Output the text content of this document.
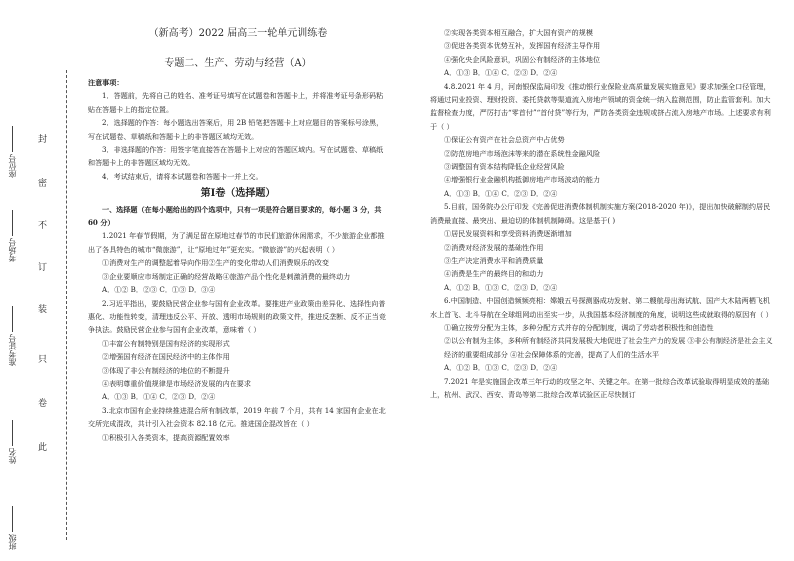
座位号
考场号
准考证号
姓名
班级
封
密
不
订
装
只
卷
此
（新高考）2022 届高三一轮单元训练卷
专题二、生产、劳动与经营（A）

注意事项：

1．答题前，先将自己的姓名、准考证号填写在试题卷和答题卡上，并将准考证号条形码粘贴在答题卡上的指定位置。

2．选择题的作答：每小题选出答案后，用 2B 铅笔把答题卡上对应题目的答案标号涂黑，写在试题卷、草稿纸和答题卡上的非答题区域均无效。

3．非选择题的作答：用签字笔直接答在答题卡上对应的答题区域内。写在试题卷、草稿纸和答题卡上的非答题区域均无效。

4．考试结束后，请将本试题卷和答题卡一并上交。

第Ⅰ卷（选择题）

一、选择题（在每小题给出的四个选项中，只有一项是符合题目要求的，每小题 3 分，共 60 分）

1.2021 年春节假期，为了满足留在原地过春节的市民们旅游休闲需求，不少旅游企业都推出了各具特色的城市“微旅游”，让“原地过年”更充实。“微旅游”的兴起表明（ ）

①消费对生产的调整起着导向作用②生产的变化带动人们消费娱乐的改变

③企业要顺应市场制定正确的经营战略④旅游产品个性化是刺激消费的最终动力

A．①② B．②③ C．①③ D．③④

2.习近平指出，要鼓励民营企业参与国有企业改革。要推进产业政策由差异化、选择性向普惠化、功能性转变，清理违反公平、开放、透明市场规则的政策文件，推进反垄断、反不正当竞争执法。鼓励民营企业参与国有企业改革，意味着（ ）

①丰富公有制特别是国有经济的实现形式

②增强国有经济在国民经济中的主体作用

③体现了非公有制经济的地位的不断提升

④表明尊重价值规律是市场经济发展的内在要求

A．①③ B．①④ C．②③ D．②④

3.北京市国有企业持续推进混合所有制改革，2019 年前 7 个月，共有 14 家国有企业在北交所完成混改，共计引入社会资本 82.18 亿元。推进国企混改旨在（ ）

①积极引入各类资本，提高资源配置效率

②实现各类资本相互融合，扩大国有资产的规模

③促进各类资本优势互补，发挥国有经济主导作用

④强化央企风险意识，巩固公有制经济的主体地位

A．①③ B．①④ C．②③ D．②④

4.8.2021 年 4 月，河南银保监局印发《推动银行业保险业高质量发展实施意见》要求加强全口径管理，将通过同业投资、理财投资、委托贷款等渠道流入房地产领域的资金统一纳入监测范围，防止监管套利。加大监督检查力度，严厉打击“零首付”“首付贷”等行为，严防各类资金违规或挤占流入房地产市场。上述要求有利于（ ）

①保证公有资产在社会总资产中占优势

②防范房地产市场泡沫等来的潜在系统性金融风险

③调整国有资本结构降低企业经营风险

④增强银行业金融机构抵御房地产市场波动的能力

A．①③ B．①④ C．②③ D．②④

5.目前，国务院办公厅印发《完善促进消费体制机制实施方案(2018-2020 年)》，提出加快破解制约居民消费最直接、最突出、最迫切的体制机制障碍。这是基于( )

①居民发展资料和享受资料消费逐渐增加

②消费对经济发展的基础性作用

③生产决定消费水平和消费质量

④消费是生产的最终目的和动力

A．①② B．①③ C．②③ D．②④

6.中国制造、中国创造频频亮相：嫦娥五号探测器成功发射、第二艘航母出海试航、国产大木陆两栖飞机水上首飞、北斗导航在全球组网动出至实一步，从我国基本经济制度的角度，说明这些成就取得的原因有（ ）

①确立按劳分配为主体，多种分配方式并存的分配制度，调动了劳动者积极性和创造性

②以公有制为主体，多种所有制经济共同发展极大地促进了社会生产力的发展 ③非公有制经济是社会主义经济的重要组成部分 ④社会保障体系的完善，提高了人们的生活水平

A．①② B．①③ C．②③ D．②④

7.2021 年是实施国企改革三年行动的攻坚之年、关键之年。在第一批综合改革试验取得明显成效的基础上，杭州、武汉、西安、青岛等第二批综合改革试验区正尽快制订
